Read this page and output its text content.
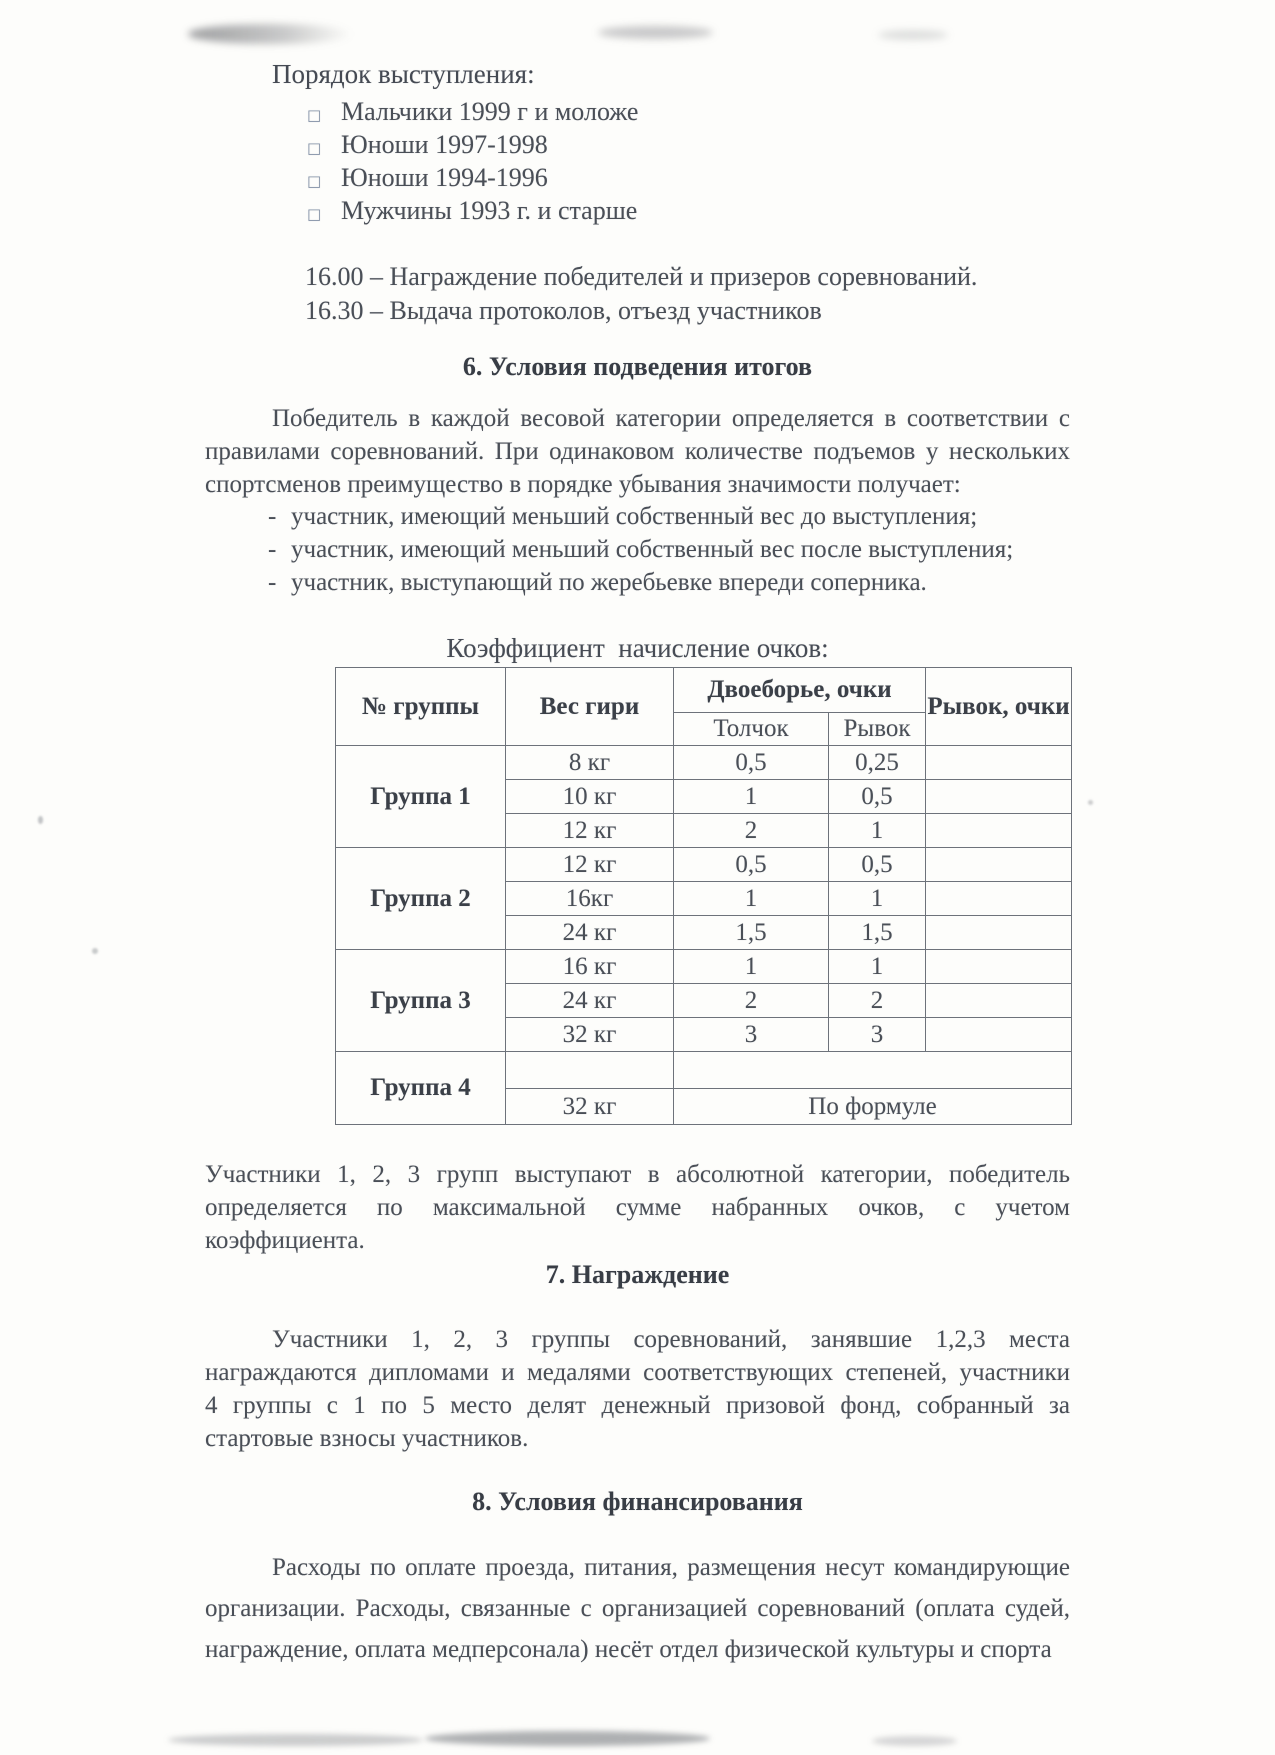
Порядок выступления:
□ Мальчики 1999 г и моложе
□ Юноши 1997-1998
□ Юноши 1994-1996
□ Мужчины 1993 г. и старше
16.00 – Награждение победителей и призеров соревнований.
16.30 – Выдача протоколов, отъезд участников
6. Условия подведения итогов
Победитель в каждой весовой категории определяется в соответствии с
правилами соревнований. При одинаковом количестве подъемов у нескольких
спортсменов преимущество в порядке убывания значимости получает:
- участник, имеющий меньший собственный вес до выступления;
- участник, имеющий меньший собственный вес после выступления;
- участник, выступающий по жеребьевке впереди соперника.
Коэффициент  начисление очков:
№ группы	Вес гири	Двоеборье, очки		Рывок, очки
		Толчок	Рывок	
Группа 1	8 кг	0,5	0,25	
	10 кг	1	0,5	
	12 кг	2	1	
Группа 2	12 кг	0,5	0,5	
	16кг	1	1	
	24 кг	1,5	1,5	
Группа 3	16 кг	1	1	
	24 кг	2	2	
	32 кг	3	3	
Группа 4				
	32 кг	По формуле		
Участники 1, 2, 3 групп выступают в абсолютной категории, победитель
определяется по максимальной сумме набранных очков, с учетом
коэффициента.
7. Награждение
Участники 1, 2, 3 группы соревнований, занявшие 1,2,3 места
награждаются дипломами и медалями соответствующих степеней, участники
4 группы с 1 по 5 место делят денежный призовой фонд, собранный за
стартовые взносы участников.
8. Условия финансирования
Расходы по оплате проезда, питания, размещения несут командирующие
организации. Расходы, связанные с организацией соревнований (оплата судей,
награждение, оплата медперсонала) несёт отдел физической культуры и спорта
